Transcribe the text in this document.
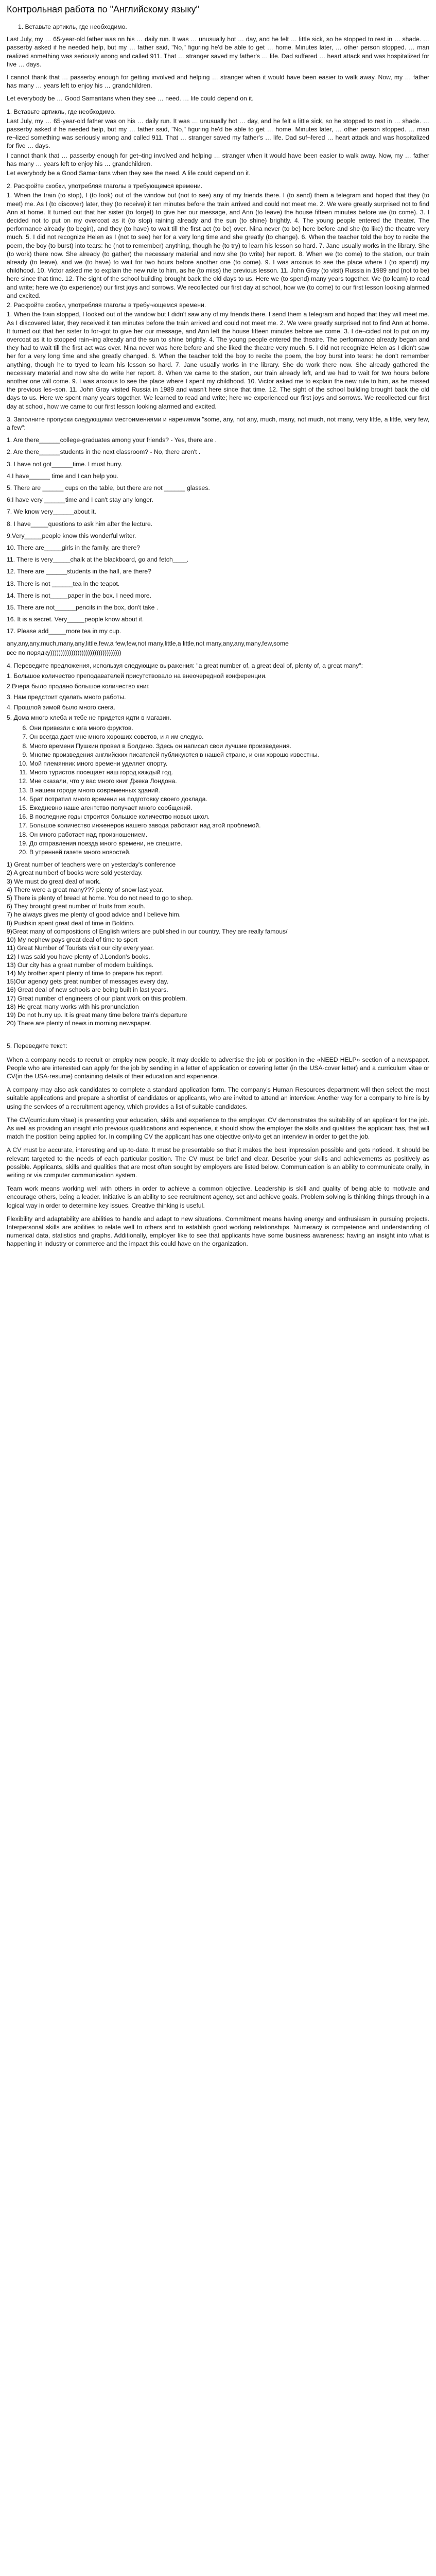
Контрольная работа по "Английскому языку"

1. Вставьте артикль, где необходимо.

Last July, my … 65-year-old father was on his … daily run. It was … unusually hot … day, and he felt … little sick, so he stopped to rest in … shade. … passerby asked if he needed help, but my … father said, "No," figuring he'd be able to get … home. Minutes later, … other person stopped. … man realized something was seriously wrong and called 911. That … stranger saved my father's … life. Dad suffered … heart attack and was hospitalized for five … days.

I cannot thank that … passerby enough for getting involved and helping … stranger when it would have been easier to walk away. Now, my … father has many … years left to enjoy his … grandchildren.

Let everybody be … Good Samaritans when they see … need. … life could depend on it.

1. Вставьте артикль, где необходимо.

Last July, my … 65-year-old father was on his … daily run. It was … unusually hot … day, and he felt a little sick, so he stopped to rest in … shade. … passerby asked if he needed help, but my … father said, "No," figuring he'd be able to get … home. Minutes later, … other person stopped. … man re¬lized something was seriously wrong and called 911. That … stranger saved my father's … life. Dad suf¬fered … heart attack and was hospitalized for five … days.

I cannot thank that … passerby enough for get¬ting involved and helping … stranger when it would have been easier to walk away. Now, my … father has many … years left to enjoy his … grandchildren.

Let everybody be a Good Samaritans when they see the need. A life could depend on it.

2. Раскройте скобки, употребляя глаголы в требующемся времени.

1. When the train (to stop), I (to look) out of the window but (not to see) any of my friends there. I (to send) them a telegram and hoped that they (to meet) me. As I (to discover) later, they (to receive) it ten minutes before the train arrived and could not meet me. 2. We were greatly surprised not to find Ann at home. It turned out that her sister (to forget) to give her our message, and Ann (to leave) the house fifteen minutes before we (to come). 3. I decided not to put on my overcoat as it (to stop) raining already and the sun (to shine) brightly. 4. The young people entered the theater. The performance already (to begin), and they (to have) to wait till the first act (to be) over. Nina never (to be) here before and she (to like) the theatre very much. 5. I did not recognize Helen as I (not to see) her for a very long time and she greatly (to change). 6. When the teacher told the boy to recite the poem, the boy (to burst) into tears: he (not to remember) anything, though he (to try) to learn his lesson so hard. 7. Jane usually works in the library. She (to work) there now. She already (to gather) the necessary material and now she (to write) her report. 8. When we (to come) to the station, our train already (to leave), and we (to have) to wait for two hours before another one (to come). 9. I was anxious to see the place where I (to spend) my childhood. 10. Victor asked me to explain the new rule to him, as he (to miss) the previous lesson. 11. John Gray (to visit) Russia in 1989 and (not to be) here since that time. 12. The sight of the school building brought back the old days to us. Here we (to spend) many years together. We (to learn) to read and write; here we (to experience) our first joys and sorrows. We recollected our first day at school, how we (to come) to our first lesson looking alarmed and excited.

2. Раскройте скобки, употребляя глаголы в требу¬ющемся времени.

1. When the train stopped, I looked out of the window but I didn't saw any of my friends there. I send them a telegram and hoped that they will meet me. As I discovered later, they received it ten minutes before the train arrived and could not meet me. 2. We were greatly surprised not to find Ann at home. It turned out that her sister to for¬got to give her our message, and Ann left the house fifteen minutes before we come. 3. I de¬cided not to put on my overcoat as it to stopped rain¬ing already and the sun to shine brightly. 4. The young people entered the theatre. The performance already began and they had to wait till the first act was over. Nina never was here before and she liked the theatre very much. 5. I did not recognize Helen as I didn't saw her for a very long time and she greatly changed. 6. When the teacher told the boy to recite the poem, the boy burst into tears: he don't remember anything, though he to tryed to learn his lesson so hard. 7. Jane usually works in the library. She do work there now. She already gathered the necessary material and now she do write her report. 8. When we came to the station, our train already left, and we had to wait for two hours before another one will come. 9. I was anxious to see the place where I spent my childhood. 10. Victor asked me to explain the new rule to him, as he missed the previous les¬son. 11. John Gray visited Russia in 1989 and wasn't here since that time. 12. The sight of the school building brought back the old days to us. Here we spent many years together. We learned to read and write; here we experienced our first joys and sorrows. We recollected our first day at school, how we came to our first lesson looking alarmed and excited.

3. Заполните пропуски следующими местоимениями и наречиями "some, any, not any, much, many, not much, not many, very little, a little, very few, a few":

1. Are there______college-graduates among your friends? - Yes, there are .
2. Are there______students in the next classroom? - No, there aren't .
3. I have not got______time. I must hurry.
4.I have______ time and I can help you.
5. There are ______ cups on the table, but there are not ______ glasses.
6:I have very ______time and I can't stay any longer.
7. We know very______about it.
8. I have_____questions to ask him after the lecture.
9.Very_____people know this wonderful writer.
10. There are_____girls in the family, are there?
11. There is very_____chalk at the blackboard, go and fetch____.
12. There are ______students in the hall, are there?
13. There is not ______tea in the teapot.
14. There is not_____paper in the box. I need more.
15. There are not______pencils in the box, don't take .
16. It is a secret. Very_____people know about it.
17. Please add_____more tea in my cup.

any,any,any,much,many,any,little,few,a few,few,not many,little,a little,not many,any,any,many,few,some

все по порядку))))))))))))))))))))))))))))))))))

4. Переведите предложения, используя следующие выражения: "a great number of, a great deal of, plenty of, a great many":

1. Большое количество преподавателей присутствовало на внеочередной конференции.
2.Вчера было продано большое количество книг.
3. Нам предстоит сделать много работы.
4. Прошлой зимой было много снега.
5. Дома много хлеба и тебе не придется идти в магазин.
6. Они привезли с юга много фруктов.
7. Он всегда дает мне много хороших советов, и я им следую.
8. Много времени Пушкин провел в Болдино. Здесь он написал свои лучшие произведения.
9. Многие произведения английских писателей публикуются в нашей стране, и они хорошо известны.
10. Мой племянник много времени уделяет спорту.
11. Много туристов посещает наш город каждый год.
12. Мне сказали, что у вас много книг Джека Лондона.
13. В нашем городе много современных зданий.
14. Брат потратил много времени на подготовку своего доклада.
15. Ежедневно наше агентство получает много сообщений.
16. В последние годы строится большое количество новых школ.
17. Большое количество инженеров нашего завода работают над этой проблемой.
18. Он много работает над произношением.
19. До отправления поезда много времени, не спешите.
20. В утренней газете много новостей.
1) Great number of teachers were on yesterday's conference
2) A great number! of books were sold yesterday.
3) We must do great deal of work.
4) There were a great many??? plenty of snow last year.
5) There is plenty of bread at home. You do not need to go to shop.
6) They brought great number of fruits from south.
7) he always gives me plenty of good advice and I believe him.
8) Pushkin spent great deal of time in Boldino.
9)Great many of compositions of English writers are published in our country. They are really famous/
10) My nephew pays great deal of time to sport
11) Great Number of Tourists visit our city every year.
12) I was said you have plenty of J.London's books.
13) Our city has a great number of modern buildings.
14) My brother spent plenty of time to prepare his report.
15)Our agency gets great number of messages every day.
16) Great deal of new schools are being built in last years.
17) Great number of engineers of our plant work on this problem.
18) He great many works with his pronunciation
19) Do not hurry up. It is great many time before train's departure
20) There are plenty of news in morning newspaper.

5. Переведите текст:

When a company needs to recruit or employ new people, it may decide to advertise the job or position in the «NEED HELP» section of a newspaper. People who are interested can apply for the job by sending in a letter of application or covering letter (in the USA-cover letter) and a curriculum vitae or CV(in the USA-resume) containing details of their education and experience.

A company may also ask candidates to complete a standard application form. The company's Human Resources department will then select the most suitable applications and prepare a shortlist of candidates or applicants, who are invited to attend an interview. Another way for a company to hire is by using the services of a recruitment agency, which provides a list of suitable candidates.

The CV(curriculum vitae) is presenting your education, skills and experience to the employer. CV demonstrates the suitability of an applicant for the job. As well as providing an insight into previous qualifications and experience, it should show the employer the skills and qualities the applicant has, that will match the position being applied for. In compiling CV the applicant has one objective only-to get an interview in order to get the job.

A CV must be accurate, interesting and up-to-date. It must be presentable so that it makes the best impression possible and gets noticed. It should be relevant targeted to the needs of each particular position. The CV must be brief and clear. Describe your skills and achievements as positively as possible. Applicants, skills and qualities that are most often sought by employers are listed below. Communication is an ability to communicate orally, in writing or via computer communication system.

Team work means working well with others in order to achieve a common objective. Leadership is skill and quality of being able to motivate and encourage others, being a leader. Initiative is an ability to see recruitment agency, set and achieve goals. Problem solving is thinking things through in a logical way in order to determine key issues. Creative thinking is useful.

Flexibility and adaptability are abilities to handle and adapt to new situations. Commitment means having energy and enthusiasm in pursuing projects. Interpersonal skills are abilities to relate well to others and to establish good working relationships. Numeracy is competence and understanding of numerical data, statistics and graphs. Additionally, employer like to see that applicants have some business awareness: having an insight into what is happening in industry or commerce and the impact this could have on the organization.
